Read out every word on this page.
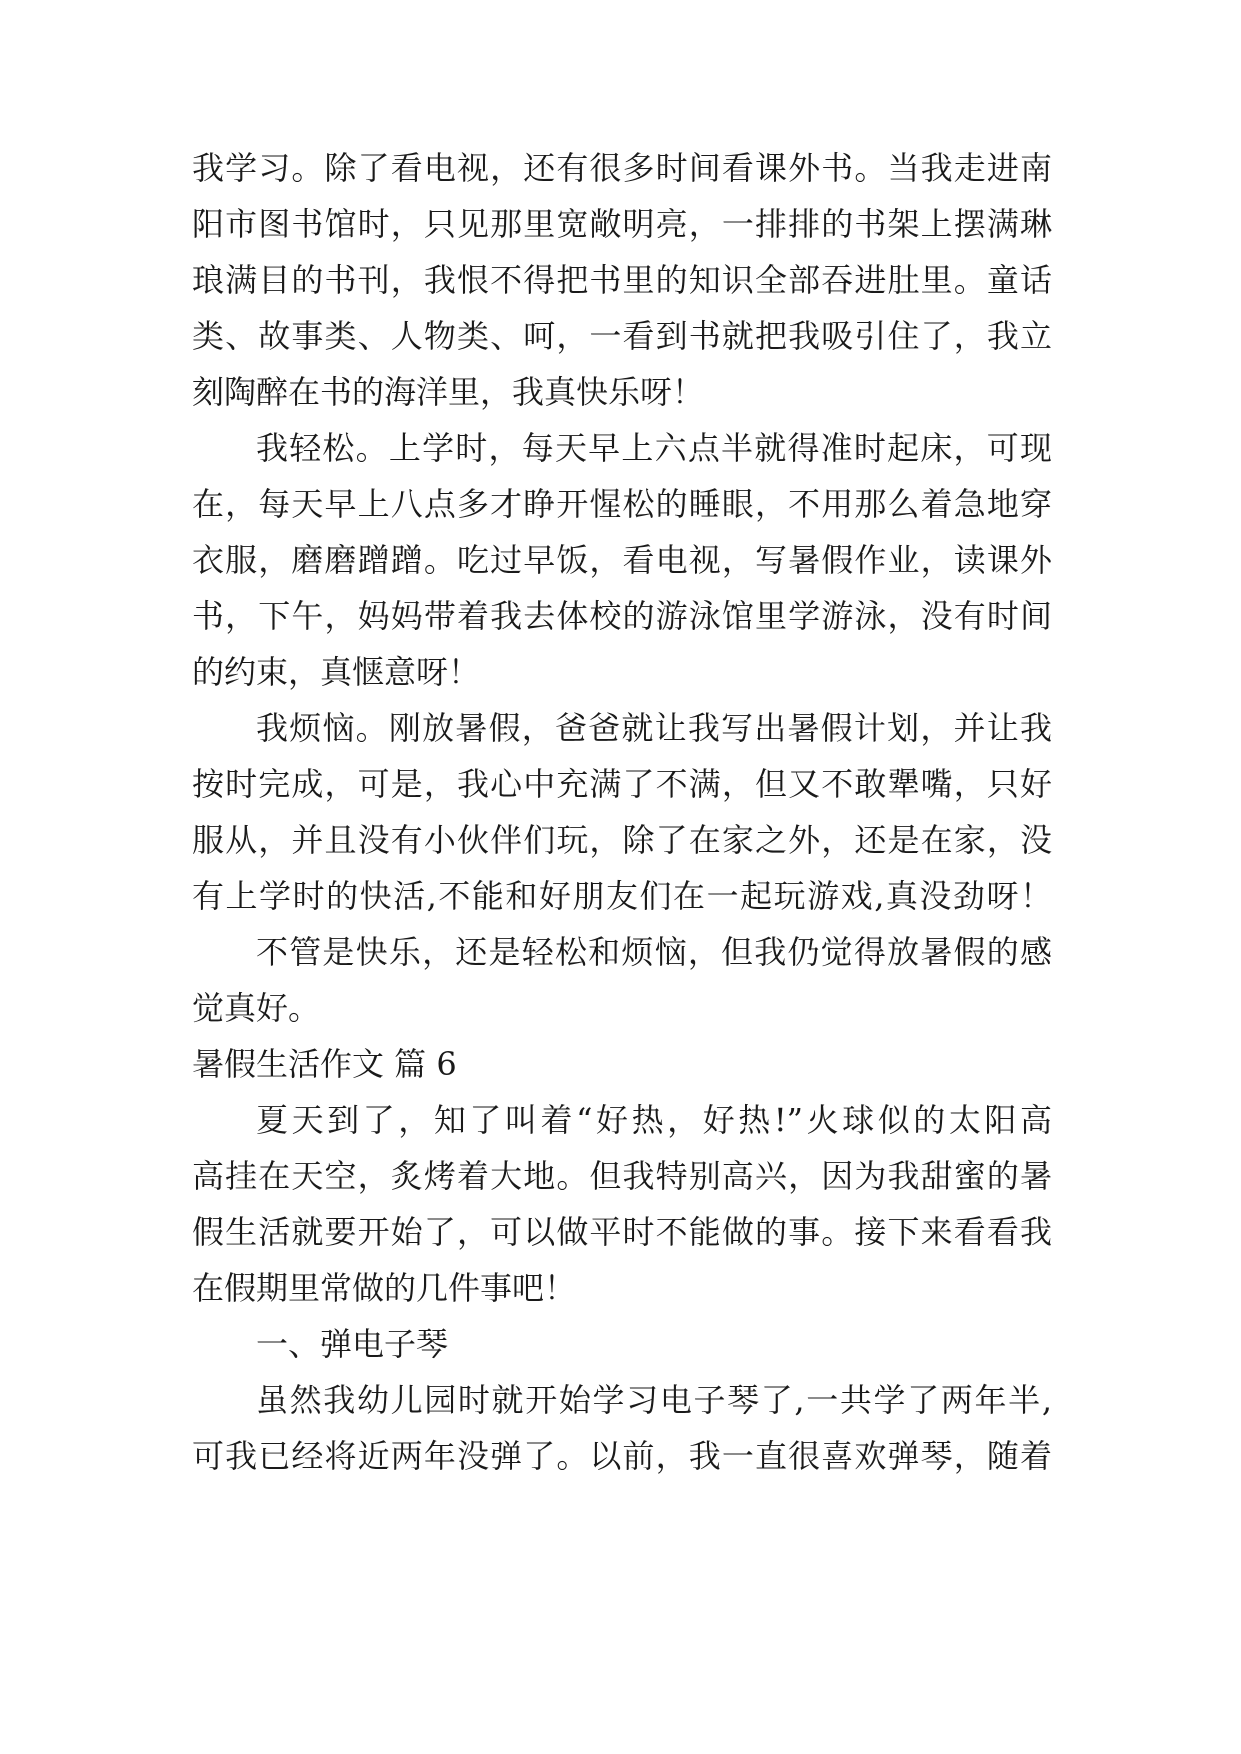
我学习。除了看电视，还有很多时间看课外书。当我走进南
阳市图书馆时，只见那里宽敞明亮，一排排的书架上摆满琳
琅满目的书刊，我恨不得把书里的知识全部吞进肚里。童话
类、故事类、人物类、呵，一看到书就把我吸引住了，我立
刻陶醉在书的海洋里，我真快乐呀！
我轻松。上学时，每天早上六点半就得准时起床，可现
在，每天早上八点多才睁开惺松的睡眼，不用那么着急地穿
衣服，磨磨蹭蹭。吃过早饭，看电视，写暑假作业，读课外
书，下午，妈妈带着我去体校的游泳馆里学游泳，没有时间
的约束，真惬意呀！
我烦恼。刚放暑假，爸爸就让我写出暑假计划，并让我
按时完成，可是，我心中充满了不满，但又不敢犟嘴，只好
服从，并且没有小伙伴们玩，除了在家之外，还是在家，没
有上学时的快活,不能和好朋友们在一起玩游戏,真没劲呀！
不管是快乐，还是轻松和烦恼，但我仍觉得放暑假的感
觉真好。
暑假生活作文 篇 6
夏天到了，知了叫着“好热，好热!”火球似的太阳高
高挂在天空，炙烤着大地。但我特别高兴，因为我甜蜜的暑
假生活就要开始了，可以做平时不能做的事。接下来看看我
在假期里常做的几件事吧！
一、弹电子琴
虽然我幼儿园时就开始学习电子琴了,一共学了两年半,
可我已经将近两年没弹了。以前，我一直很喜欢弹琴，随着
